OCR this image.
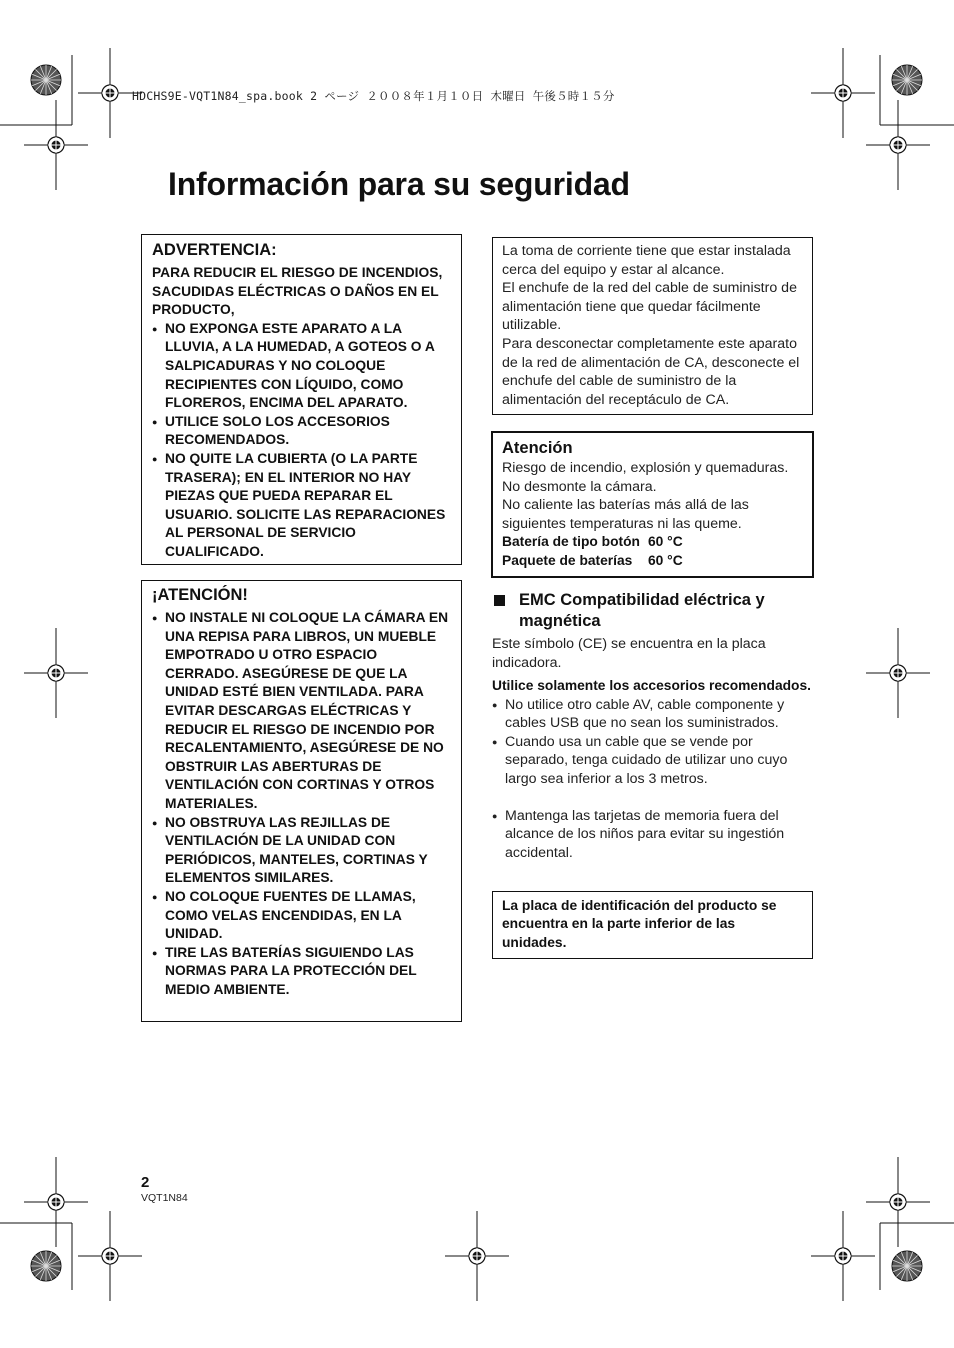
HDCHS9E-VQT1N84_spa.book 2 ページ ２００８年１月１０日 木曜日 午後５時１５分
Información para su seguridad
ADVERTENCIA:
PARA REDUCIR EL RIESGO DE INCENDIOS, SACUDIDAS ELÉCTRICAS O DAÑOS EN EL PRODUCTO,
● NO EXPONGA ESTE APARATO A LA LLUVIA, A LA HUMEDAD, A GOTEOS O A SALPICADURAS Y NO COLOQUE RECIPIENTES CON LÍQUIDO, COMO FLOREROS, ENCIMA DEL APARATO.
● UTILICE SOLO LOS ACCESORIOS RECOMENDADOS.
● NO QUITE LA CUBIERTA (O LA PARTE TRASERA); EN EL INTERIOR NO HAY PIEZAS QUE PUEDA REPARAR EL USUARIO. SOLICITE LAS REPARACIONES AL PERSONAL DE SERVICIO CUALIFICADO.
¡ATENCIÓN!
● NO INSTALE NI COLOQUE LA CÁMARA EN UNA REPISA PARA LIBROS, UN MUEBLE EMPOTRADO U OTRO ESPACIO CERRADO. ASEGÚRESE DE QUE LA UNIDAD ESTÉ BIEN VENTILADA. PARA EVITAR DESCARGAS ELÉCTRICAS Y REDUCIR EL RIESGO DE INCENDIO POR RECALENTAMIENTO, ASEGÚRESE DE NO OBSTRUIR LAS ABERTURAS DE VENTILACIÓN CON CORTINAS Y OTROS MATERIALES.
● NO OBSTRUYA LAS REJILLAS DE VENTILACIÓN DE LA UNIDAD CON PERIÓDICOS, MANTELES, CORTINAS Y ELEMENTOS SIMILARES.
● NO COLOQUE FUENTES DE LLAMAS, COMO VELAS ENCENDIDAS, EN LA UNIDAD.
● TIRE LAS BATERÍAS SIGUIENDO LAS NORMAS PARA LA PROTECCIÓN DEL MEDIO AMBIENTE.
La toma de corriente tiene que estar instalada cerca del equipo y estar al alcance.
El enchufe de la red del cable de suministro de alimentación tiene que quedar fácilmente utilizable.
Para desconectar completamente este aparato de la red de alimentación de CA, desconecte el enchufe del cable de suministro de la alimentación del receptáculo de CA.
Atención
Riesgo de incendio, explosión y quemaduras. No desmonte la cámara.
No caliente las baterías más allá de las siguientes temperaturas ni las queme.
Batería de tipo botón 60 °C
Paquete de baterías	60 °C
EMC Compatibilidad eléctrica y magnética
Este símbolo (CE) se encuentra en la placa indicadora.
Utilice solamente los accesorios recomendados.
● No utilice otro cable AV, cable componente y cables USB que no sean los suministrados.
● Cuando usa un cable que se vende por separado, tenga cuidado de utilizar uno cuyo largo sea inferior a los 3 metros.
● Mantenga las tarjetas de memoria fuera del alcance de los niños para evitar su ingestión accidental.
La placa de identificación del producto se encuentra en la parte inferior de las unidades.
2
VQT1N84
